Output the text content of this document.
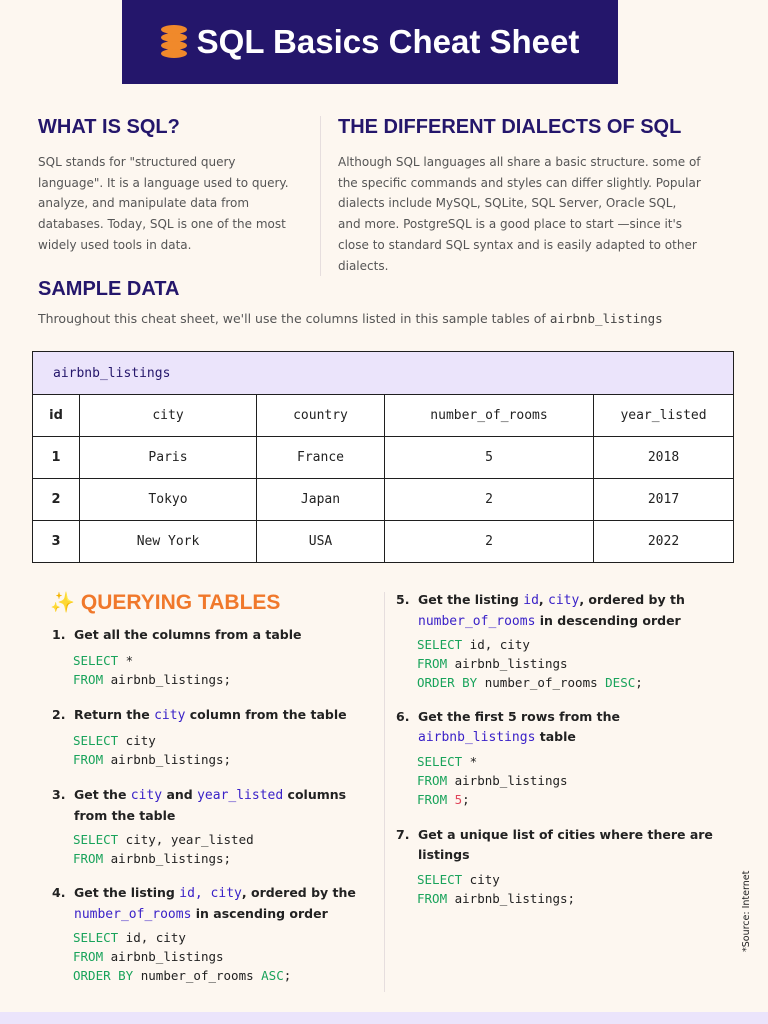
SQL Basics Cheat Sheet
WHAT IS SQL?
SQL stands for "structured query
language". It is a language used to query.
analyze, and manipulate data from
databases. Today, SQL is one of the most
widely used tools in data.
THE DIFFERENT DIALECTS OF SQL
Although SQL languages all share a basic structure. some of
the specific commands and styles can differ slightly. Popular
dialects include MySQL, SQLite, SQL Server, Oracle SQL,
and more. PostgreSQL is a good place to start —since it's
close to standard SQL syntax and is easily adapted to other
dialects.
SAMPLE DATA
Throughout this cheat sheet, we'll use the columns listed in this sample tables of airbnb_listings
airbnb_listings				
id	city	country	number_of_rooms	year_listed
1	Paris	France	5	2018
2	Tokyo	Japan	2	2017
3	New York	USA	2	2022
✨ QUERYING TABLES
1. Get all the columns from a table
SELECT *
FROM airbnb_listings;
2. Return the city column from the table
SELECT city
FROM airbnb_listings;
3. Get the city and year_listed columns
from the table
SELECT city, year_listed
FROM airbnb_listings;
4. Get the listing id, city, ordered by the
number_of_rooms in ascending order
SELECT id, city
FROM airbnb_listings
ORDER BY number_of_rooms ASC;
5. Get the listing id, city, ordered by th
number_of_rooms in descending order
SELECT id, city
FROM airbnb_listings
ORDER BY number_of_rooms DESC;
6. Get the first 5 rows from the
airbnb_listings table
SELECT *
FROM airbnb_listings
FROM 5;
7. Get a unique list of cities where there are
listings
SELECT city
FROM airbnb_listings;	*Source: Internet
